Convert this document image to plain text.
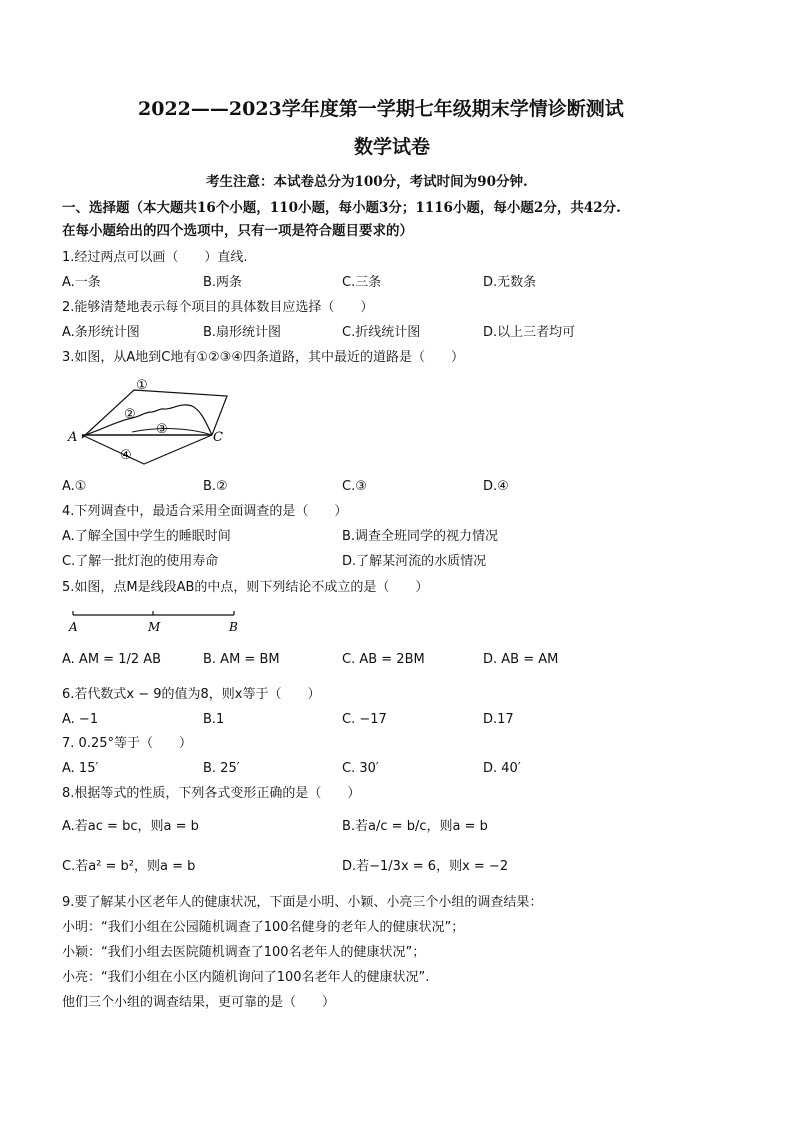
2022——2023学年度第一学期七年级期末学情诊断测试
数学试卷
考生注意：本试卷总分为100分，考试时间为90分钟.
一、选择题（本大题共16个小题，110小题，每小题3分；1116小题，每小题2分，共42分.
在每小题给出的四个选项中，只有一项是符合题目要求的）
1.经过两点可以画（　　）直线.
A.一条	B.两条	C.三条	D.无数条
2.能够清楚地表示每个项目的具体数目应选择（　　）
A.条形统计图	B.扇形统计图	C.折线统计图	D.以上三者均可
3.如图，从A地到C地有①②③④四条道路，其中最近的道路是（　　）
①
②
③
④
A	C
A.①	B.②	C.③	D.④
4.下列调查中，最适合采用全面调查的是（　　）
A.了解全国中学生的睡眠时间	B.调查全班同学的视力情况
C.了解一批灯泡的使用寿命	D.了解某河流的水质情况
5.如图，点M是线段AB的中点，则下列结论不成立的是（　　）
A	M	B
A. AM = 1/2 AB	B. AM = BM	C. AB = 2BM	D. AB = AM
6.若代数式x − 9的值为8，则x等于（　　）
A. −1	B.1	C. −17	D.17
7. 0.25°等于（　　）
A. 15′	B. 25′	C. 30′	D. 40′
8.根据等式的性质，下列各式变形正确的是（　　）
A.若ac = bc，则a = b	B.若a/c = b/c，则a = b
C.若a² = b²，则a = b	D.若−1/3x = 6，则x = −2
9.要了解某小区老年人的健康状况，下面是小明、小颖、小亮三个小组的调查结果：
小明：“我们小组在公园随机调查了100名健身的老年人的健康状况”；
小颖：“我们小组去医院随机调查了100名老年人的健康状况”；
小亮：“我们小组在小区内随机询问了100名老年人的健康状况”.
他们三个小组的调查结果，更可靠的是（　　）
